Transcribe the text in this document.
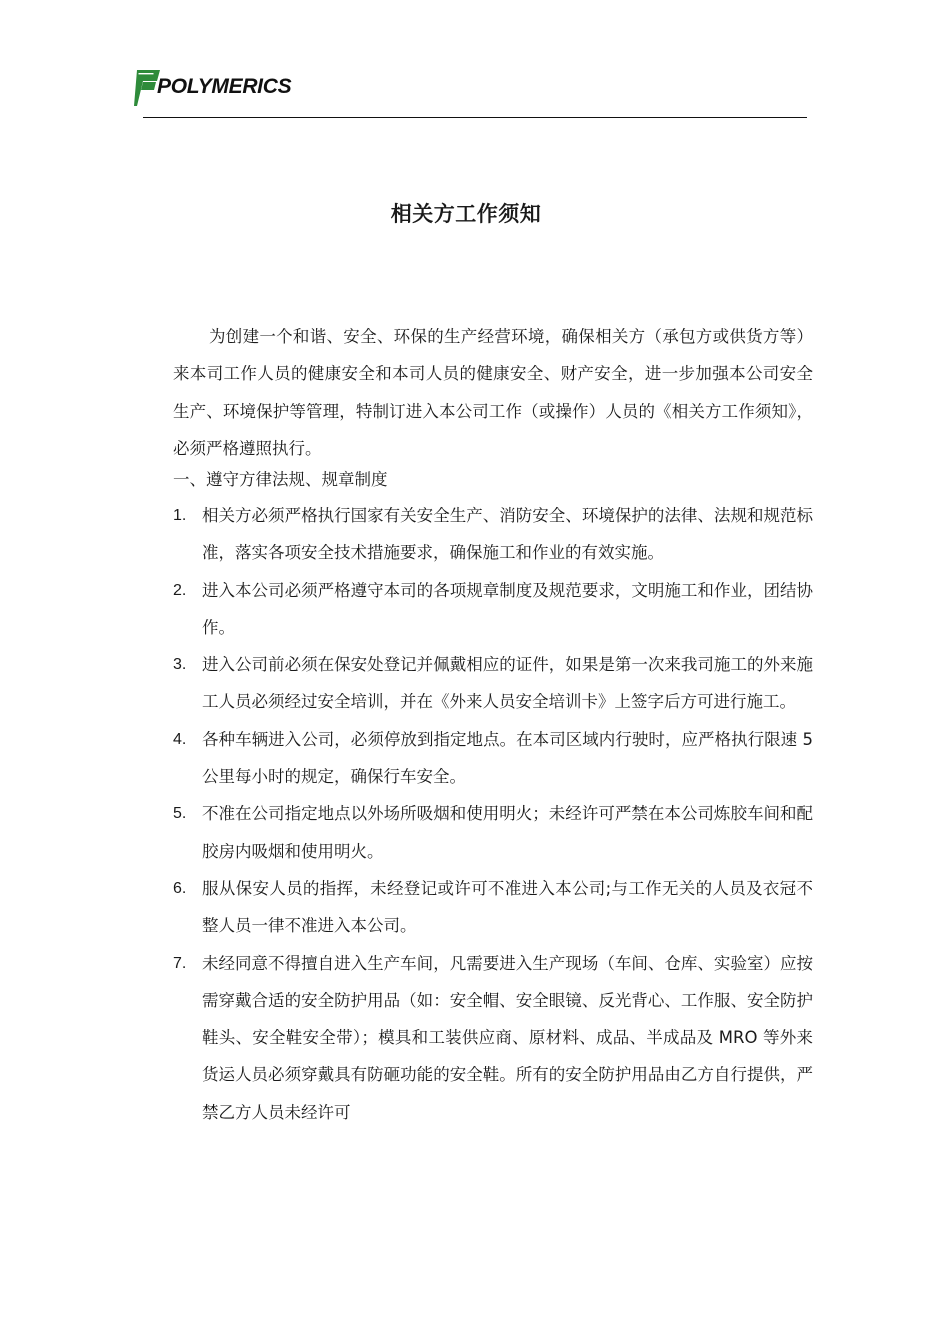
POLYMERICS
相关方工作须知

为创建一个和谐、安全、环保的生产经营环境，确保相关方（承包方或供货方等）来本司工作人员的健康安全和本司人员的健康安全、财产安全，进一步加强本公司安全生产、环境保护等管理，特制订进入本公司工作（或操作）人员的《相关方工作须知》，必须严格遵照执行。

一、遵守方律法规、规章制度
1. 相关方必须严格执行国家有关安全生产、消防安全、环境保护的法律、法规和规范标准，落实各项安全技术措施要求，确保施工和作业的有效实施。
2. 进入本公司必须严格遵守本司的各项规章制度及规范要求，文明施工和作业，团结协作。
3. 进入公司前必须在保安处登记并佩戴相应的证件，如果是第一次来我司施工的外来施工人员必须经过安全培训，并在《外来人员安全培训卡》上签字后方可进行施工。
4. 各种车辆进入公司，必须停放到指定地点。在本司区域内行驶时，应严格执行限速 5 公里每小时的规定，确保行车安全。
5. 不准在公司指定地点以外场所吸烟和使用明火；未经许可严禁在本公司炼胶车间和配胶房内吸烟和使用明火。
6. 服从保安人员的指挥，未经登记或许可不准进入本公司;与工作无关的人员及衣冠不整人员一律不准进入本公司。
7. 未经同意不得擅自进入生产车间，凡需要进入生产现场（车间、仓库、实验室）应按需穿戴合适的安全防护用品（如：安全帽、安全眼镜、反光背心、工作服、安全防护鞋头、安全鞋安全带）；模具和工装供应商、原材料、成品、半成品及 MRO 等外来货运人员必须穿戴具有防砸功能的安全鞋。所有的安全防护用品由乙方自行提供，严禁乙方人员未经许可
